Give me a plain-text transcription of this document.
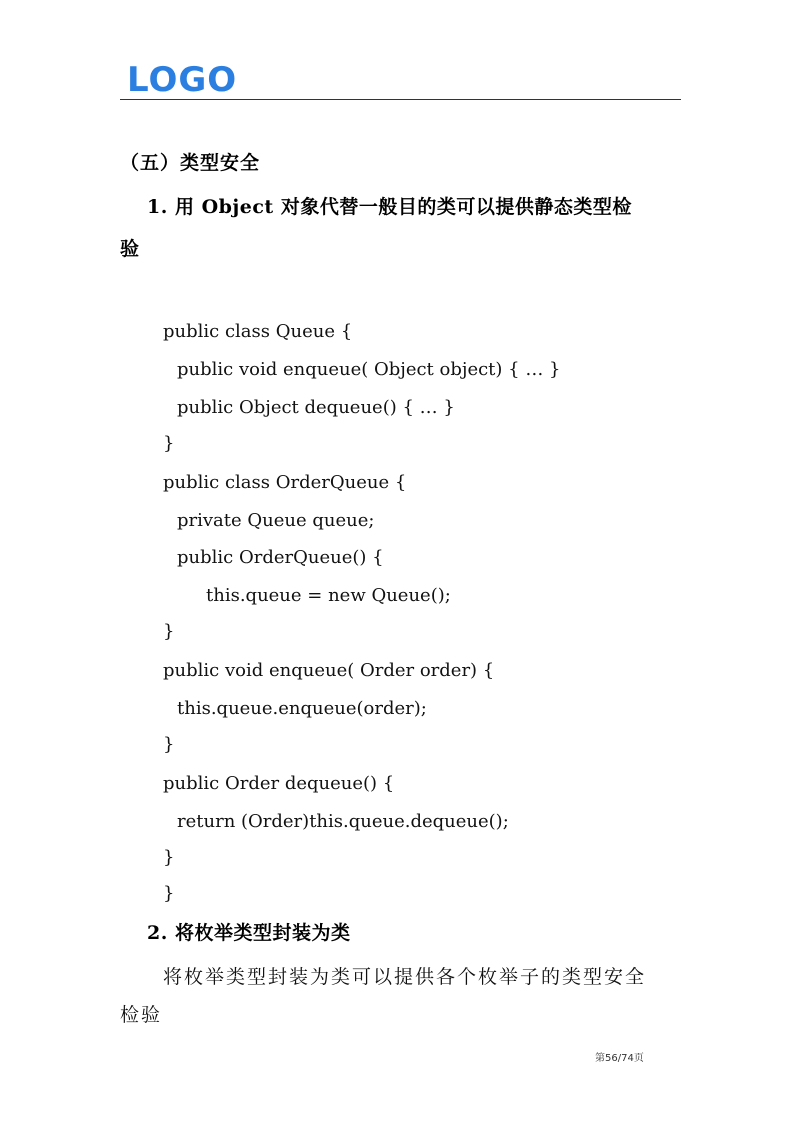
LOGO
（五）类型安全
1. 用 Object 对象代替一般目的类可以提供静态类型检
验
public class Queue {
public void enqueue( Object object) { … }
public Object dequeue() { … }
}
public class OrderQueue {
private Queue queue;
public OrderQueue() {
this.queue = new Queue();
}
public void enqueue( Order order) {
this.queue.enqueue(order);
}
public Order dequeue() {
return (Order)this.queue.dequeue();
}
}
2. 将枚举类型封装为类
将枚举类型封装为类可以提供各个枚举子的类型安全
检验
第56/74页
